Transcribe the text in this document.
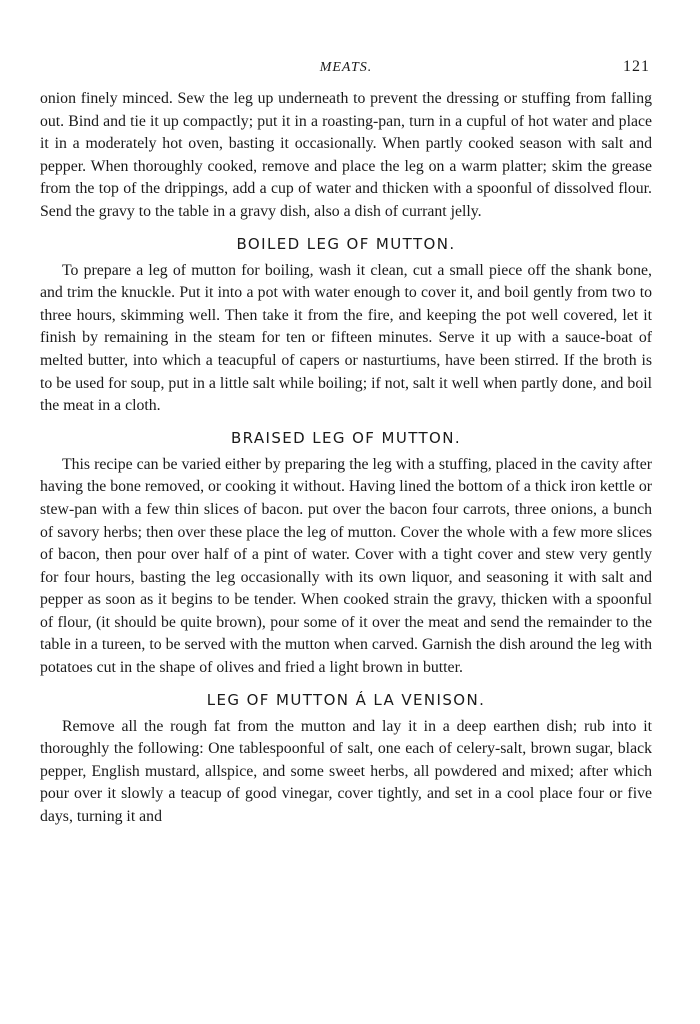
MEATS.	121

onion finely minced. Sew the leg up underneath to prevent the dressing or stuffing from falling out. Bind and tie it up compactly; put it in a roasting-pan, turn in a cupful of hot water and place it in a moderately hot oven, basting it occasionally. When partly cooked season with salt and pepper. When thoroughly cooked, remove and place the leg on a warm platter; skim the grease from the top of the drippings, add a cup of water and thicken with a spoonful of dissolved flour. Send the gravy to the table in a gravy dish, also a dish of currant jelly.

BOILED LEG OF MUTTON.

To prepare a leg of mutton for boiling, wash it clean, cut a small piece off the shank bone, and trim the knuckle. Put it into a pot with water enough to cover it, and boil gently from two to three hours, skimming well. Then take it from the fire, and keeping the pot well covered, let it finish by remaining in the steam for ten or fifteen minutes. Serve it up with a sauce-boat of melted butter, into which a teacupful of capers or nasturtiums, have been stirred. If the broth is to be used for soup, put in a little salt while boiling; if not, salt it well when partly done, and boil the meat in a cloth.

BRAISED LEG OF MUTTON.

This recipe can be varied either by preparing the leg with a stuffing, placed in the cavity after having the bone removed, or cooking it without. Having lined the bottom of a thick iron kettle or stew-pan with a few thin slices of bacon. put over the bacon four carrots, three onions, a bunch of savory herbs; then over these place the leg of mutton. Cover the whole with a few more slices of bacon, then pour over half of a pint of water. Cover with a tight cover and stew very gently for four hours, basting the leg occasionally with its own liquor, and seasoning it with salt and pepper as soon as it begins to be tender. When cooked strain the gravy, thicken with a spoonful of flour, (it should be quite brown), pour some of it over the meat and send the remainder to the table in a tureen, to be served with the mutton when carved. Garnish the dish around the leg with potatoes cut in the shape of olives and fried a light brown in butter.

LEG OF MUTTON Á LA VENISON.

Remove all the rough fat from the mutton and lay it in a deep earthen dish; rub into it thoroughly the following: One tablespoonful of salt, one each of celery-salt, brown sugar, black pepper, English mustard, allspice, and some sweet herbs, all powdered and mixed; after which pour over it slowly a teacup of good vinegar, cover tightly, and set in a cool place four or five days, turning it and
